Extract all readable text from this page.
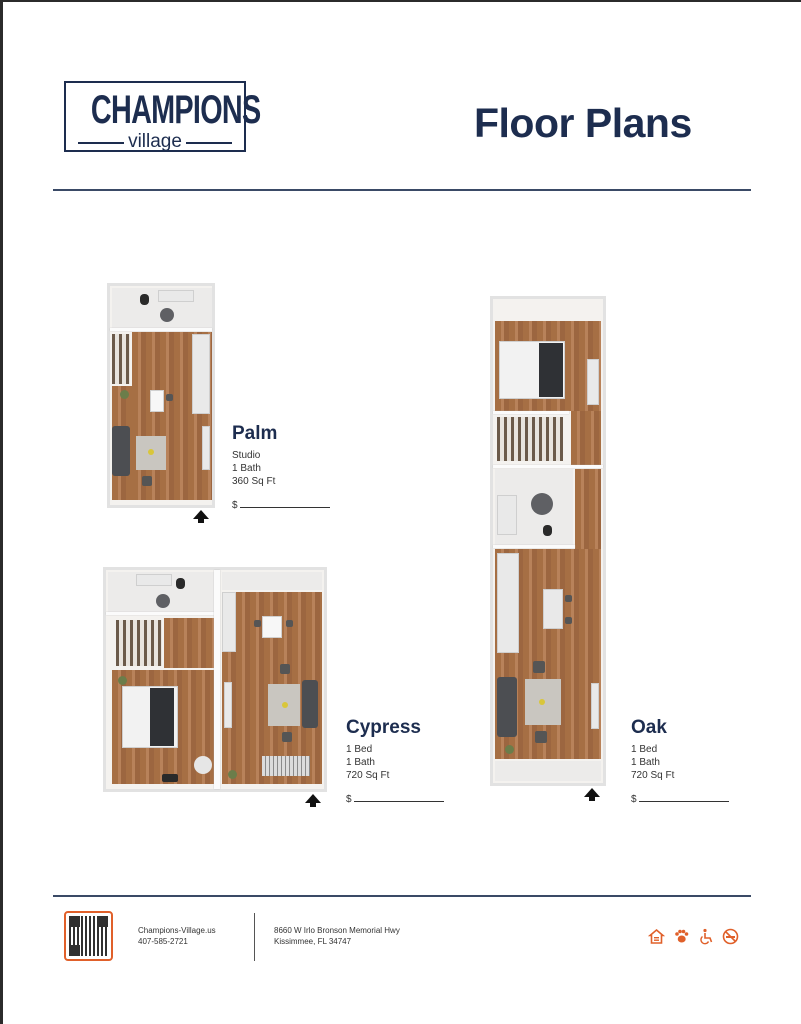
CHAMPIONS
village	Floor Plans
Palm
Studio
1 Bath
360 Sq Ft
$
Cypress
1 Bed
1 Bath
720 Sq Ft
$
Oak
1 Bed
1 Bath
720 Sq Ft
$
Champions-Village.us
407-585-2721
8660 W Irlo Bronson Memorial Hwy
Kissimmee, FL 34747
